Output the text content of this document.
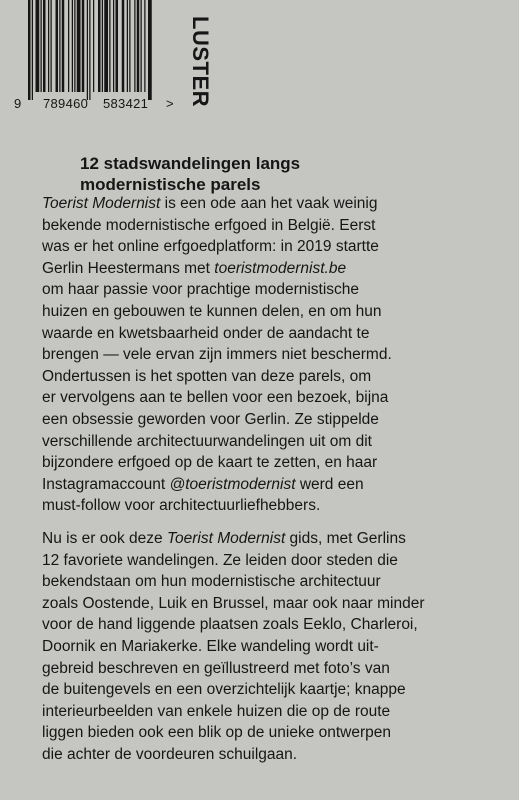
9 789460 583421 > LUSTER
12 stadswandelingen langs
modernistische parels

Toerist Modernist is een ode aan het vaak weinig
bekende modernistische erfgoed in België. Eerst
was er het online erfgoedplatform: in 2019 startte
Gerlin Heestermans met toeristmodernist.be
om haar passie voor prachtige modernistische
huizen en gebouwen te kunnen delen, en om hun
waarde en kwetsbaarheid onder de aandacht te
brengen — vele ervan zijn immers niet beschermd.
Ondertussen is het spotten van deze parels, om
er vervolgens aan te bellen voor een bezoek, bijna
een obsessie geworden voor Gerlin. Ze stippelde
verschillende architectuurwandelingen uit om dit
bijzondere erfgoed op de kaart te zetten, en haar
Instagramaccount @toeristmodernist werd een
must-follow voor architectuurliefhebbers.

Nu is er ook deze Toerist Modernist gids, met Gerlins
12 favoriete wandelingen. Ze leiden door steden die
bekendstaan om hun modernistische architectuur
zoals Oostende, Luik en Brussel, maar ook naar minder
voor de hand liggende plaatsen zoals Eeklo, Charleroi,
Doornik en Mariakerke. Elke wandeling wordt uit-
gebreid beschreven en geïllustreerd met foto’s van
de buitengevels en een overzichtelijk kaartje; knappe
interieurbeelden van enkele huizen die op de route
liggen bieden ook een blik op de unieke ontwerpen
die achter de voordeuren schuilgaan.
